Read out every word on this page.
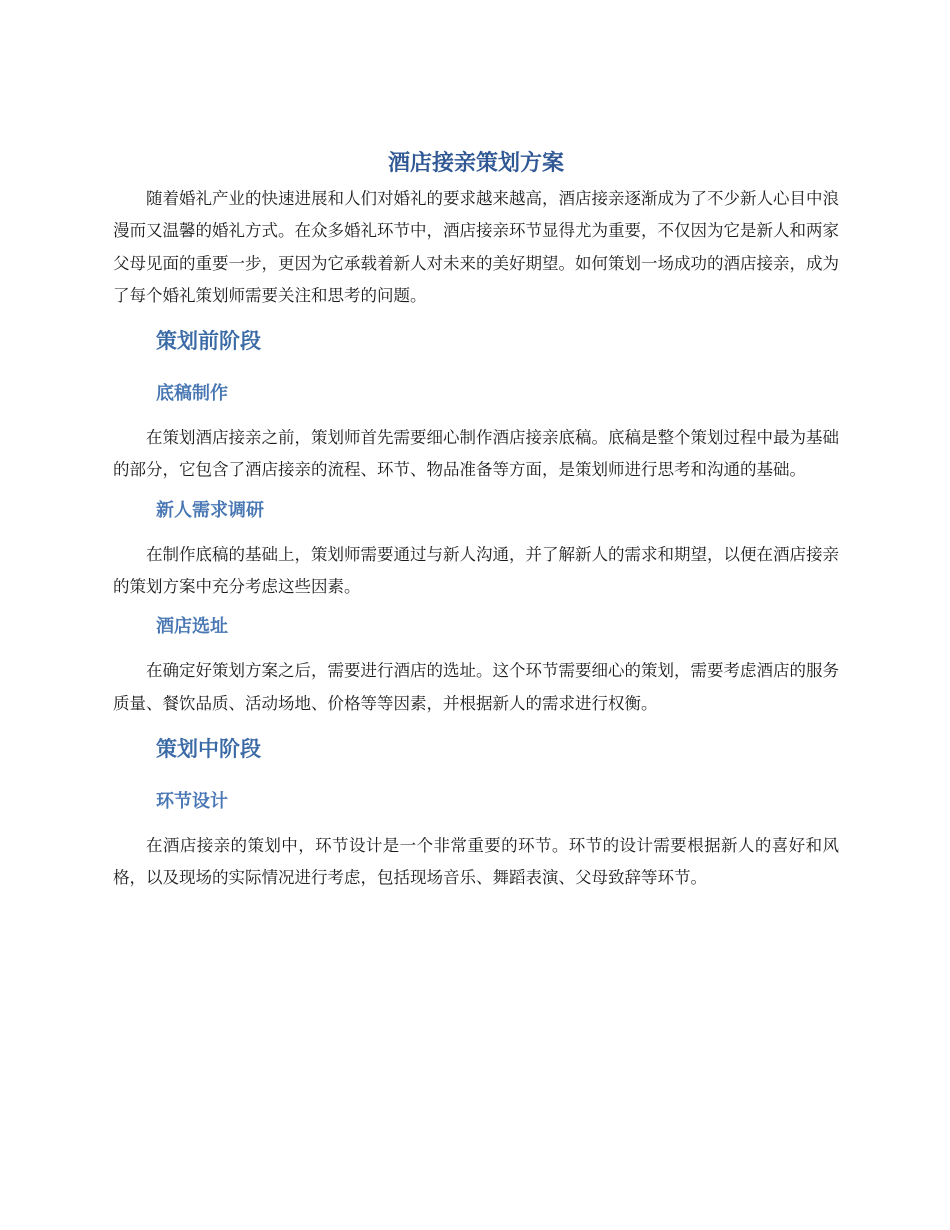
酒店接亲策划方案

随着婚礼产业的快速进展和人们对婚礼的要求越来越高，酒店接亲逐渐成为了不少新人心目中浪漫而又温馨的婚礼方式。在众多婚礼环节中，酒店接亲环节显得尤为重要，不仅因为它是新人和两家父母见面的重要一步，更因为它承载着新人对未来的美好期望。如何策划一场成功的酒店接亲，成为了每个婚礼策划师需要关注和思考的问题。

策划前阶段
底稿制作

在策划酒店接亲之前，策划师首先需要细心制作酒店接亲底稿。底稿是整个策划过程中最为基础的部分，它包含了酒店接亲的流程、环节、物品准备等方面，是策划师进行思考和沟通的基础。

新人需求调研

在制作底稿的基础上，策划师需要通过与新人沟通，并了解新人的需求和期望，以便在酒店接亲的策划方案中充分考虑这些因素。

酒店选址

在确定好策划方案之后，需要进行酒店的选址。这个环节需要细心的策划，需要考虑酒店的服务质量、餐饮品质、活动场地、价格等等因素，并根据新人的需求进行权衡。

策划中阶段
环节设计

在酒店接亲的策划中，环节设计是一个非常重要的环节。环节的设计需要根据新人的喜好和风格，以及现场的实际情况进行考虑，包括现场音乐、舞蹈表演、父母致辞等环节。
